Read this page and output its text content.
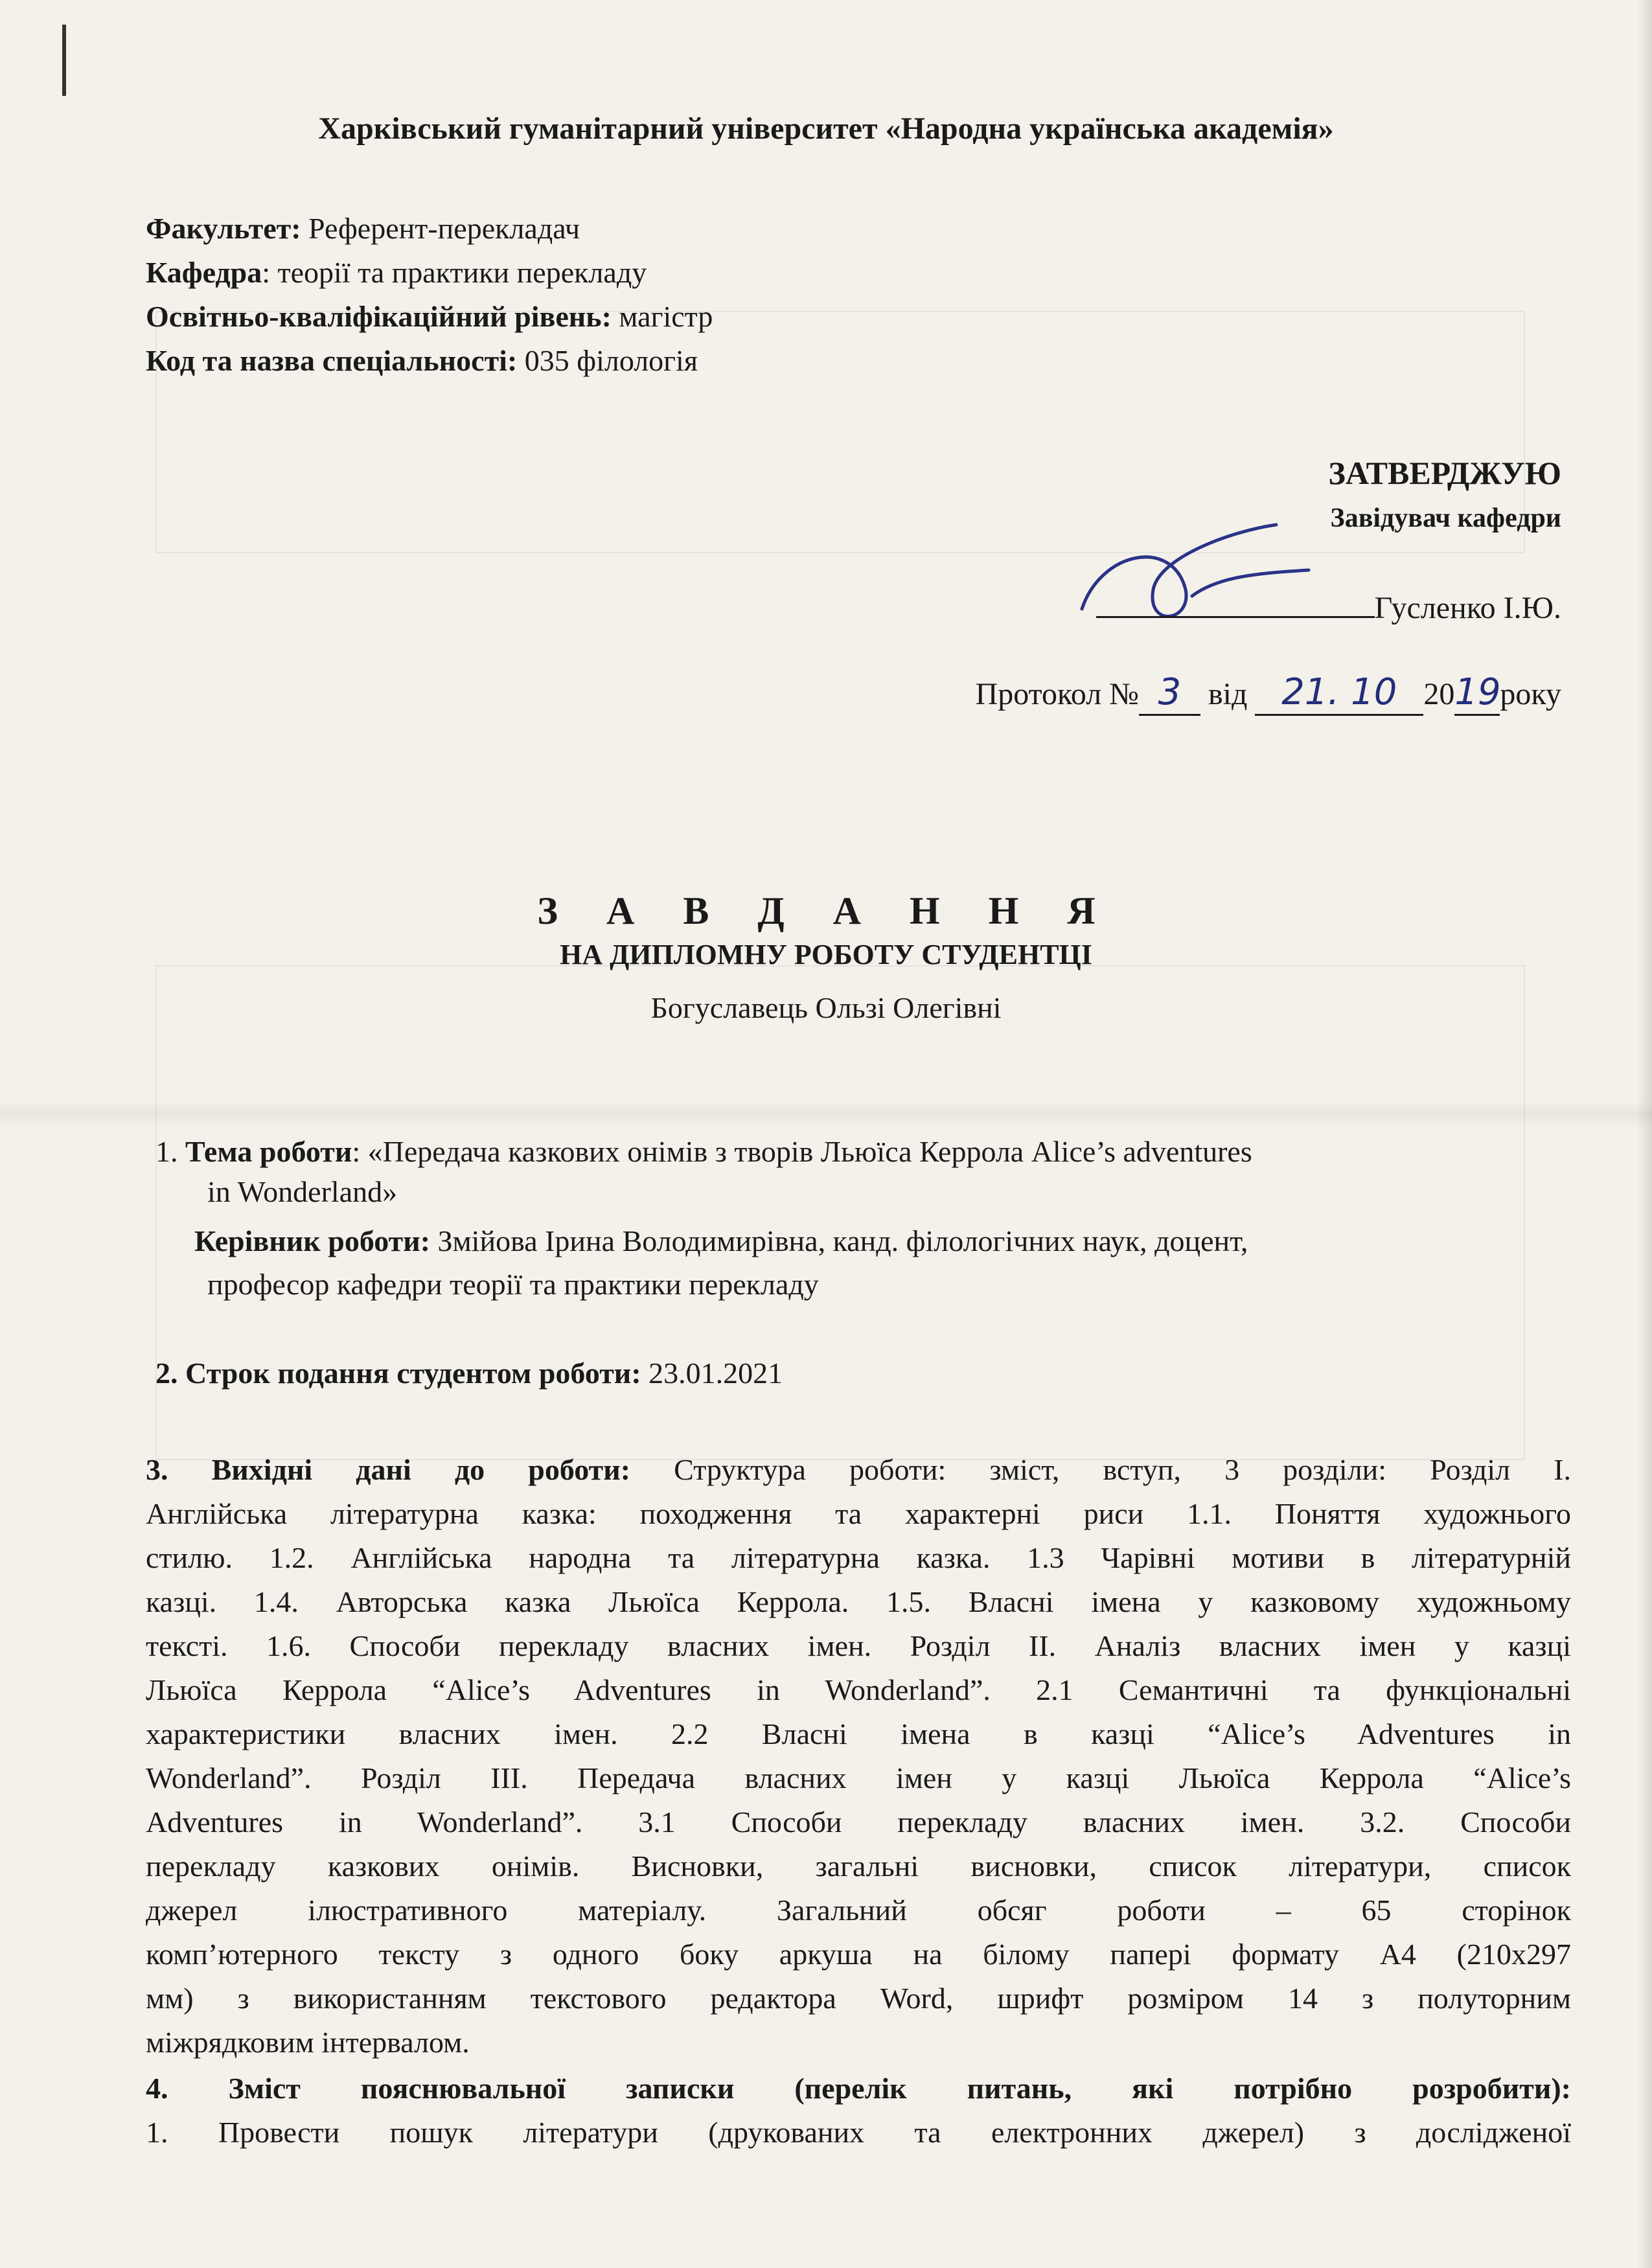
Харківський гуманітарний університет «Народна українська академія»
Факультет: Референт-перекладач
Кафедра: теорії та практики перекладу
Освітньо-кваліфікаційний рівень: магістр
Код та назва спеціальності: 035 філологія
ЗАТВЕРДЖУЮ
Завідувач кафедри
Гусленко І.Ю.
Протокол № 3 від 21. 10 2019року
З А В Д А Н Н Я
НА ДИПЛОМНУ РОБОТУ СТУДЕНТЦІ
Богуславець Ользі Олегівні
1. Тема роботи: «Передача казкових онімів з творів Льюїса Керрола Alice’s adventures
in Wonderland»
Керівник роботи: Змійова Ірина Володимирівна, канд. філологічних наук, доцент,
професор кафедри теорії та практики перекладу
2. Строк подання студентом роботи: 23.01.2021
3. Вихідні дані до роботи: Структура роботи: зміст, вступ, 3 розділи: Розділ І.
Англійська літературна казка: походження та характерні риси 1.1. Поняття художнього
стилю. 1.2. Англійська народна та літературна казка. 1.3 Чарівні мотиви в літературній
казці. 1.4. Авторська казка Льюїса Керрола. 1.5. Власні імена у казковому художньому
тексті. 1.6. Способи перекладу власних імен. Розділ ІІ. Аналіз власних імен у казці
Льюїса Керрола “Alice’s Adventures in Wonderland”. 2.1 Семантичні та функціональні
характеристики власних імен. 2.2 Власні імена в казці “Alice’s Adventures in
Wonderland”. Розділ ІІІ. Передача власних імен у казці Льюїса Керрола “Alice’s
Adventures in Wonderland”. 3.1 Способи перекладу власних імен. 3.2. Способи
перекладу казкових онімів. Висновки, загальні висновки, список літератури, список
джерел ілюстративного матеріалу. Загальний обсяг роботи – 65 сторінок
комп’ютерного тексту з одного боку аркуша на білому папері формату А4 (210х297
мм) з використанням текстового редактора Word, шрифт розміром 14 з полуторним
міжрядковим інтервалом.
4. Зміст пояснювальної записки (перелік питань, які потрібно розробити):
1. Провести пошук літератури (друкованих та електронних джерел) з дослідженої
